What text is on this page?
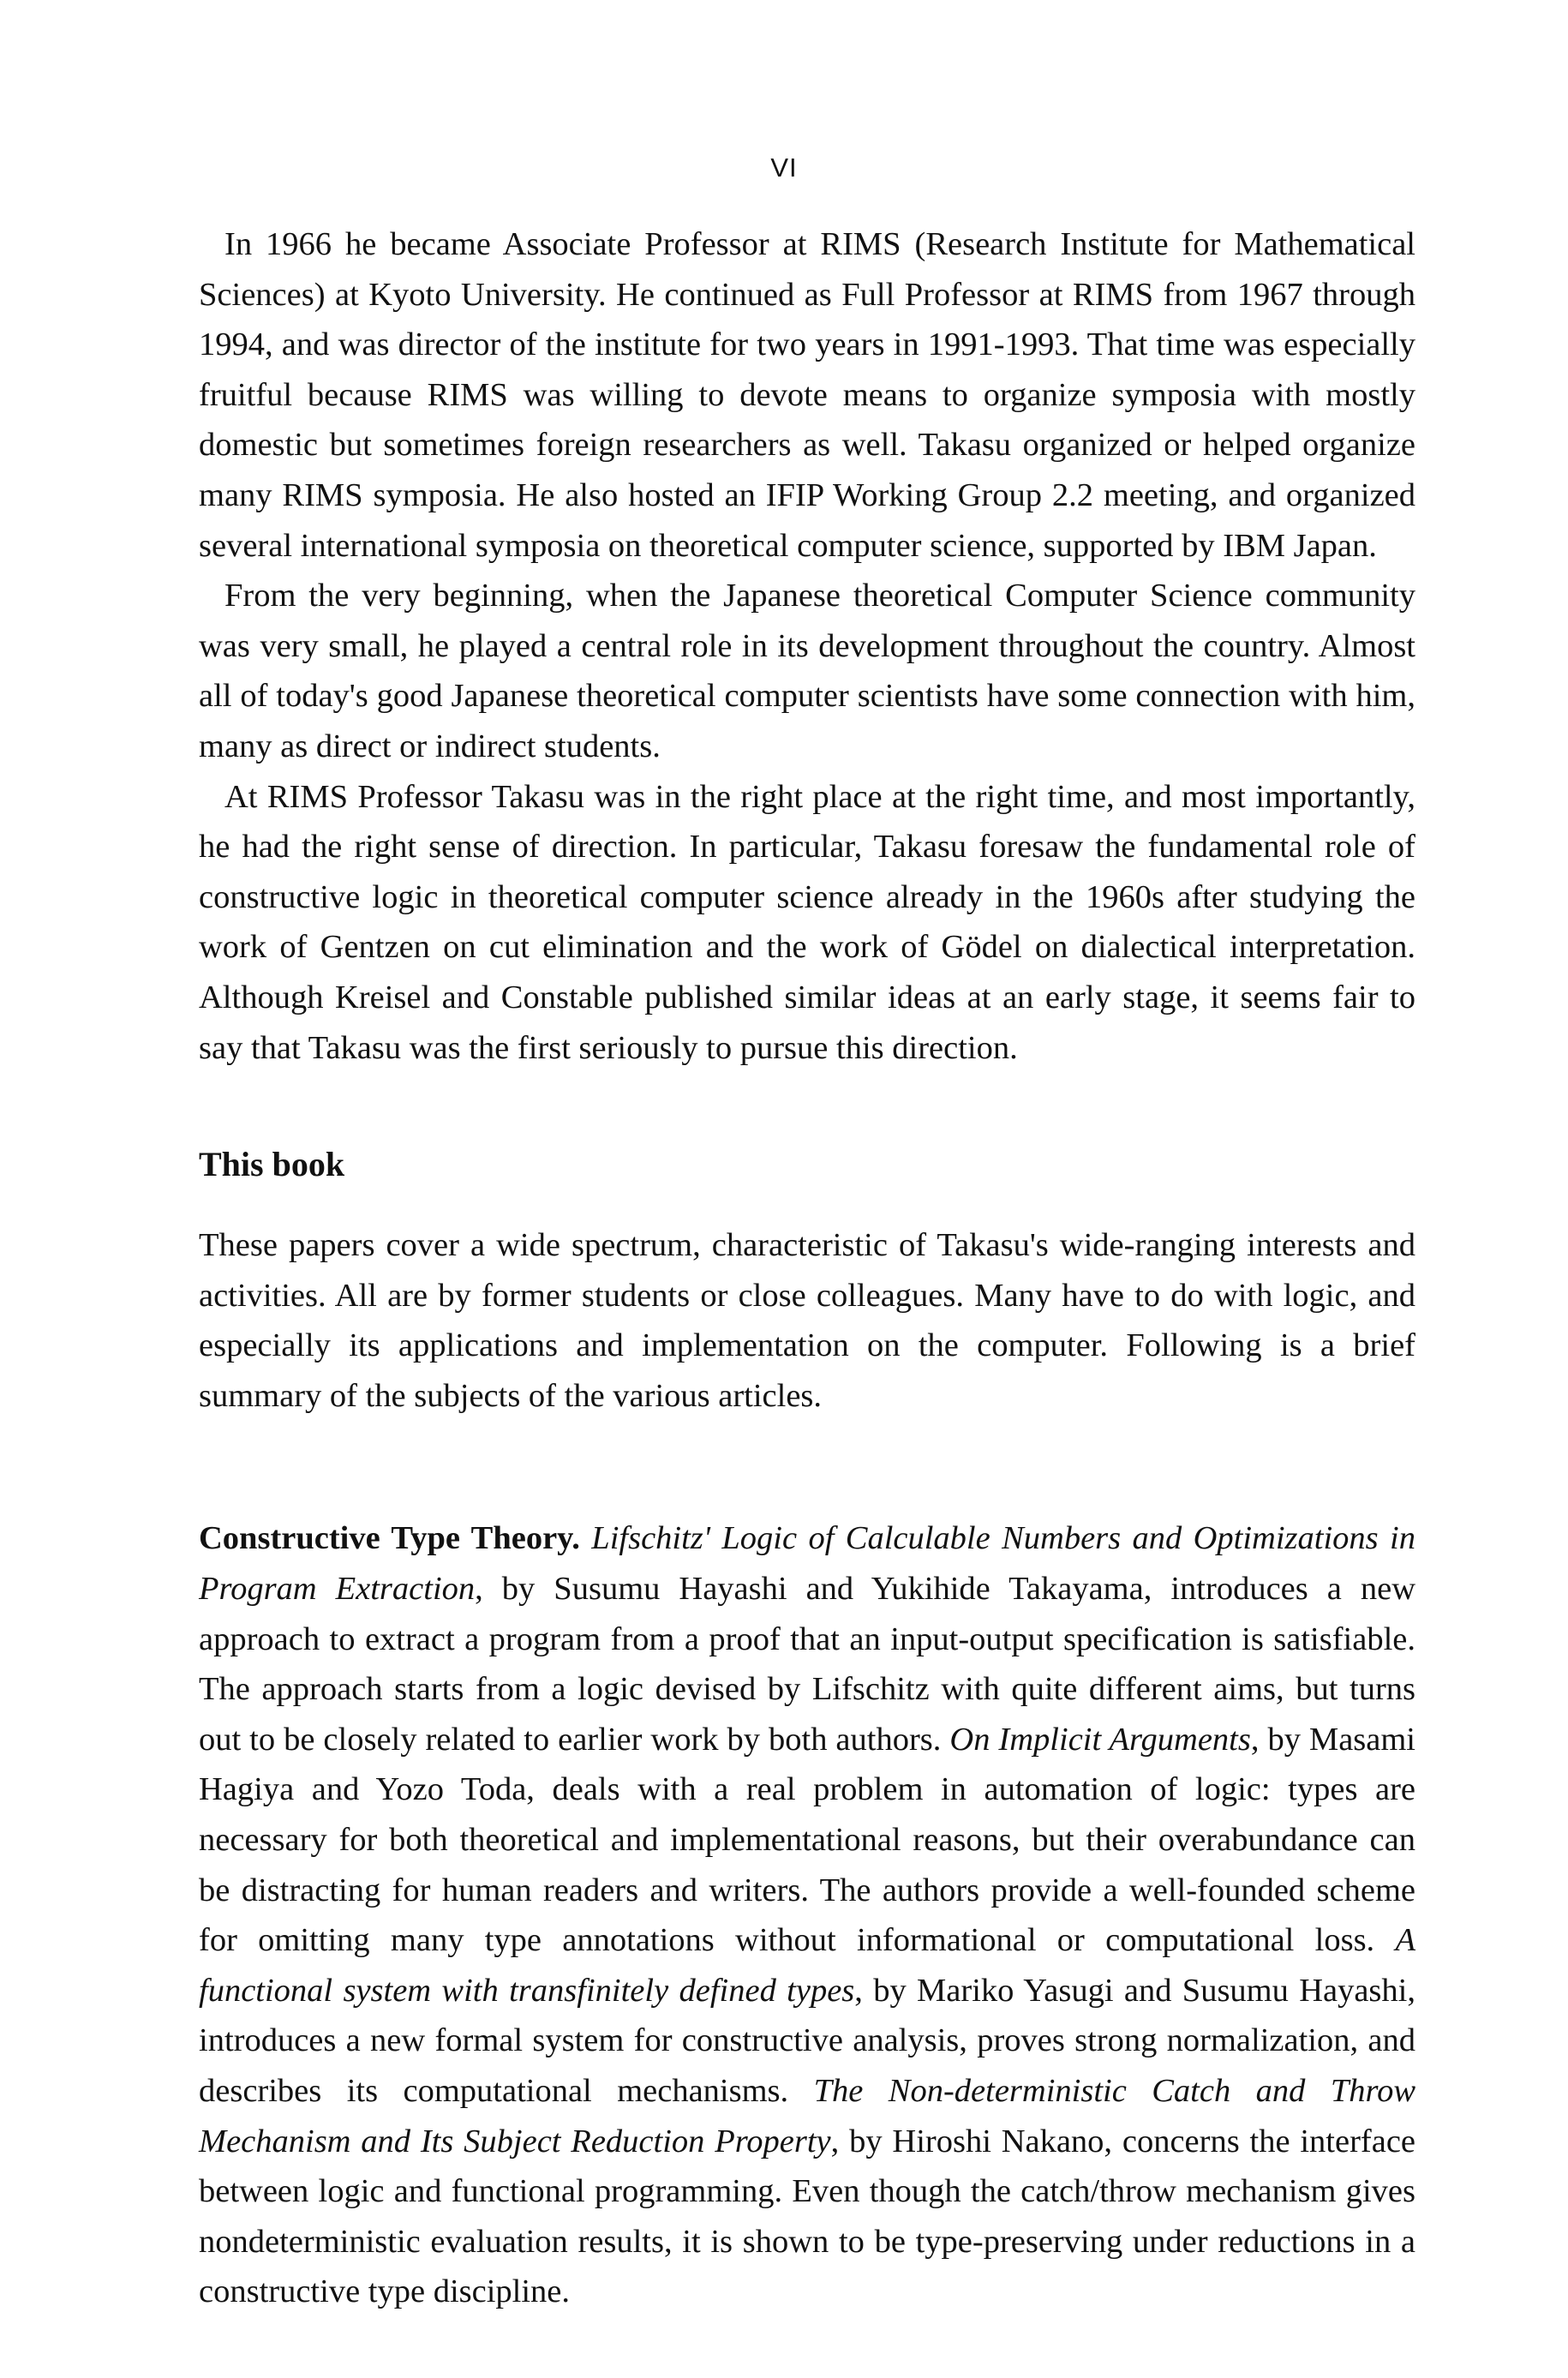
VI

In 1966 he became Associate Professor at RIMS (Research Institute for Mathematical Sciences) at Kyoto University. He continued as Full Professor at RIMS from 1967 through 1994, and was director of the institute for two years in 1991-1993. That time was especially fruitful because RIMS was willing to devote means to organize symposia with mostly domestic but sometimes foreign researchers as well. Takasu organized or helped organize many RIMS symposia. He also hosted an IFIP Working Group 2.2 meeting, and organized several international symposia on theoretical computer science, supported by IBM Japan.

From the very beginning, when the Japanese theoretical Computer Science community was very small, he played a central role in its development throughout the country. Almost all of today's good Japanese theoretical computer scientists have some connection with him, many as direct or indirect students.

At RIMS Professor Takasu was in the right place at the right time, and most importantly, he had the right sense of direction. In particular, Takasu foresaw the fundamental role of constructive logic in theoretical computer science already in the 1960s after studying the work of Gentzen on cut elimination and the work of Gödel on dialectical interpretation. Although Kreisel and Constable published similar ideas at an early stage, it seems fair to say that Takasu was the first seriously to pursue this direction.

This book

These papers cover a wide spectrum, characteristic of Takasu's wide-ranging interests and activities. All are by former students or close colleagues. Many have to do with logic, and especially its applications and implementation on the computer. Following is a brief summary of the subjects of the various articles.

Constructive Type Theory. Lifschitz' Logic of Calculable Numbers and Optimizations in Program Extraction, by Susumu Hayashi and Yukihide Takayama, introduces a new approach to extract a program from a proof that an input-output specification is satisfiable. The approach starts from a logic devised by Lifschitz with quite different aims, but turns out to be closely related to earlier work by both authors. On Implicit Arguments, by Masami Hagiya and Yozo Toda, deals with a real problem in automation of logic: types are necessary for both theoretical and implementational reasons, but their overabundance can be distracting for human readers and writers. The authors provide a well-founded scheme for omitting many type annotations without informational or computational loss. A functional system with transfinitely defined types, by Mariko Yasugi and Susumu Hayashi, introduces a new formal system for constructive analysis, proves strong normalization, and describes its computational mechanisms. The Non-deterministic Catch and Throw Mechanism and Its Subject Reduction Property, by Hiroshi Nakano, concerns the interface between logic and functional programming. Even though the catch/throw mechanism gives nondeterministic evaluation results, it is shown to be type-preserving under reductions in a constructive type discipline.
